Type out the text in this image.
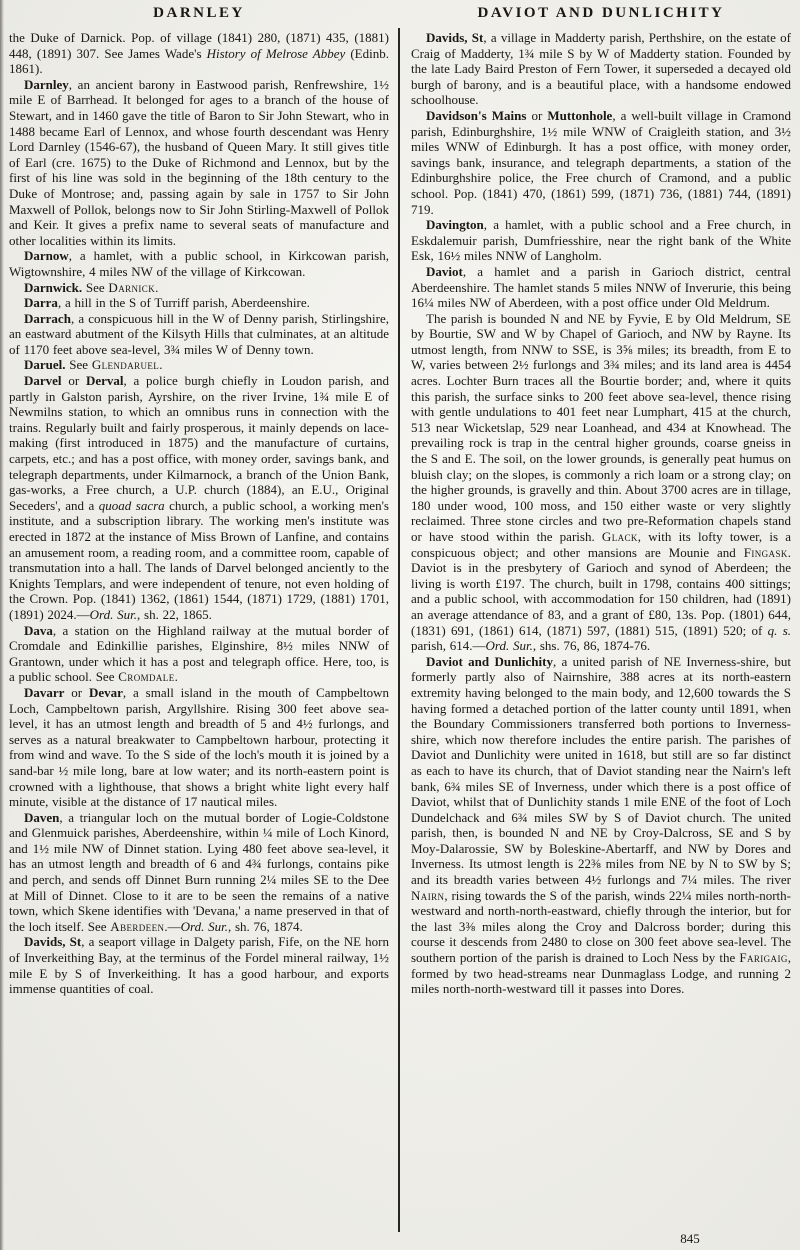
DARNLEY	DAVIOT AND DUNLICHITY

the Duke of Darnick. Pop. of village (1841) 280, (1871) 435, (1881) 448, (1891) 307. See James Wade's History of Melrose Abbey (Edinb. 1861).

Darnley, an ancient barony in Eastwood parish, Renfrewshire, 1½ mile E of Barrhead. It belonged for ages to a branch of the house of Stewart, and in 1460 gave the title of Baron to Sir John Stewart, who in 1488 became Earl of Lennox, and whose fourth descendant was Henry Lord Darnley (1546-67), the husband of Queen Mary. It still gives title of Earl (cre. 1675) to the Duke of Richmond and Lennox, but by the first of his line was sold in the beginning of the 18th century to the Duke of Montrose; and, passing again by sale in 1757 to Sir John Maxwell of Pollok, belongs now to Sir John Stirling-Maxwell of Pollok and Keir. It gives a prefix name to several seats of manufacture and other localities within its limits.

Darnow, a hamlet, with a public school, in Kirkcowan parish, Wigtownshire, 4 miles NW of the village of Kirkcowan.

Darnwick. See Darnick.

Darra, a hill in the S of Turriff parish, Aberdeenshire.

Darrach, a conspicuous hill in the W of Denny parish, Stirlingshire, an eastward abutment of the Kilsyth Hills that culminates, at an altitude of 1170 feet above sea-level, 3¾ miles W of Denny town.

Daruel. See Glendaruel.

Darvel or Derval, a police burgh chiefly in Loudon parish, and partly in Galston parish, Ayrshire, on the river Irvine, 1¾ mile E of Newmilns station, to which an omnibus runs in connection with the trains. Regularly built and fairly prosperous, it mainly depends on lace-making (first introduced in 1875) and the manufacture of curtains, carpets, etc.; and has a post office, with money order, savings bank, and telegraph departments, under Kilmarnock, a branch of the Union Bank, gas-works, a Free church, a U.P. church (1884), an E.U., Original Seceders', and a quoad sacra church, a public school, a working men's institute, and a subscription library. The working men's institute was erected in 1872 at the instance of Miss Brown of Lanfine, and contains an amusement room, a reading room, and a committee room, capable of transmutation into a hall. The lands of Darvel belonged anciently to the Knights Templars, and were independent of tenure, not even holding of the Crown. Pop. (1841) 1362, (1861) 1544, (1871) 1729, (1881) 1701, (1891) 2024.—Ord. Sur., sh. 22, 1865.

Dava, a station on the Highland railway at the mutual border of Cromdale and Edinkillie parishes, Elginshire, 8½ miles NNW of Grantown, under which it has a post and telegraph office. Here, too, is a public school. See Cromdale.

Davarr or Devar, a small island in the mouth of Campbeltown Loch, Campbeltown parish, Argyllshire. Rising 300 feet above sea-level, it has an utmost length and breadth of 5 and 4½ furlongs, and serves as a natural breakwater to Campbeltown harbour, protecting it from wind and wave. To the S side of the loch's mouth it is joined by a sand-bar ½ mile long, bare at low water; and its north-eastern point is crowned with a lighthouse, that shows a bright white light every half minute, visible at the distance of 17 nautical miles.

Daven, a triangular loch on the mutual border of Logie-Coldstone and Glenmuick parishes, Aberdeenshire, within ¼ mile of Loch Kinord, and 1½ mile NW of Dinnet station. Lying 480 feet above sea-level, it has an utmost length and breadth of 6 and 4¾ furlongs, contains pike and perch, and sends off Dinnet Burn running 2¼ miles SE to the Dee at Mill of Dinnet. Close to it are to be seen the remains of a native town, which Skene identifies with 'Devana,' a name preserved in that of the loch itself. See Aberdeen.—Ord. Sur., sh. 76, 1874.

Davids, St, a seaport village in Dalgety parish, Fife, on the NE horn of Inverkeithing Bay, at the terminus of the Fordel mineral railway, 1½ mile E by S of Inverkeithing. It has a good harbour, and exports immense quantities of coal.

Davids, St, a village in Madderty parish, Perthshire, on the estate of Craig of Madderty, 1¾ mile S by W of Madderty station. Founded by the late Lady Baird Preston of Fern Tower, it superseded a decayed old burgh of barony, and is a beautiful place, with a handsome endowed schoolhouse.

Davidson's Mains or Muttonhole, a well-built village in Cramond parish, Edinburghshire, 1½ mile WNW of Craigleith station, and 3½ miles WNW of Edinburgh. It has a post office, with money order, savings bank, insurance, and telegraph departments, a station of the Edinburghshire police, the Free church of Cramond, and a public school. Pop. (1841) 470, (1861) 599, (1871) 736, (1881) 744, (1891) 719.

Davington, a hamlet, with a public school and a Free church, in Eskdalemuir parish, Dumfriesshire, near the right bank of the White Esk, 16½ miles NNW of Langholm.

Daviot, a hamlet and a parish in Garioch district, central Aberdeenshire. The hamlet stands 5 miles NNW of Inverurie, this being 16¼ miles NW of Aberdeen, with a post office under Old Meldrum.

The parish is bounded N and NE by Fyvie, E by Old Meldrum, SE by Bourtie, SW and W by Chapel of Garioch, and NW by Rayne. Its utmost length, from NNW to SSE, is 3⅝ miles; its breadth, from E to W, varies between 2½ furlongs and 3¾ miles; and its land area is 4454 acres. Lochter Burn traces all the Bourtie border; and, where it quits this parish, the surface sinks to 200 feet above sea-level, thence rising with gentle undulations to 401 feet near Lumphart, 415 at the church, 513 near Wicketslap, 529 near Loanhead, and 434 at Knowhead. The prevailing rock is trap in the central higher grounds, coarse gneiss in the S and E. The soil, on the lower grounds, is generally peat humus on bluish clay; on the slopes, is commonly a rich loam or a strong clay; on the higher grounds, is gravelly and thin. About 3700 acres are in tillage, 180 under wood, 100 moss, and 150 either waste or very slightly reclaimed. Three stone circles and two pre-Reformation chapels stand or have stood within the parish. Glack, with its lofty tower, is a conspicuous object; and other mansions are Mounie and Fingask. Daviot is in the presbytery of Garioch and synod of Aberdeen; the living is worth £197. The church, built in 1798, contains 400 sittings; and a public school, with accommodation for 150 children, had (1891) an average attendance of 83, and a grant of £80, 13s. Pop. (1801) 644, (1831) 691, (1861) 614, (1871) 597, (1881) 515, (1891) 520; of q. s. parish, 614.—Ord. Sur., shs. 76, 86, 1874-76.

Daviot and Dunlichity, a united parish of NE Inverness-shire, but formerly partly also of Nairnshire, 388 acres at its north-eastern extremity having belonged to the main body, and 12,600 towards the S having formed a detached portion of the latter county until 1891, when the Boundary Commissioners transferred both portions to Inverness-shire, which now therefore includes the entire parish. The parishes of Daviot and Dunlichity were united in 1618, but still are so far distinct as each to have its church, that of Daviot standing near the Nairn's left bank, 6¾ miles SE of Inverness, under which there is a post office of Daviot, whilst that of Dunlichity stands 1 mile ENE of the foot of Loch Dundelchack and 6¾ miles SW by S of Daviot church. The united parish, then, is bounded N and NE by Croy-Dalcross, SE and S by Moy-Dalarossie, SW by Boleskine-Abertarff, and NW by Dores and Inverness. Its utmost length is 22⅜ miles from NE by N to SW by S; and its breadth varies between 4½ furlongs and 7¼ miles. The river Nairn, rising towards the S of the parish, winds 22¼ miles north-north-westward and north-north-eastward, chiefly through the interior, but for the last 3⅜ miles along the Croy and Dalcross border; during this course it descends from 2480 to close on 300 feet above sea-level. The southern portion of the parish is drained to Loch Ness by the Farigaig, formed by two head-streams near Dunmaglass Lodge, and running 2 miles north-north-westward till it passes into Dores.

845
